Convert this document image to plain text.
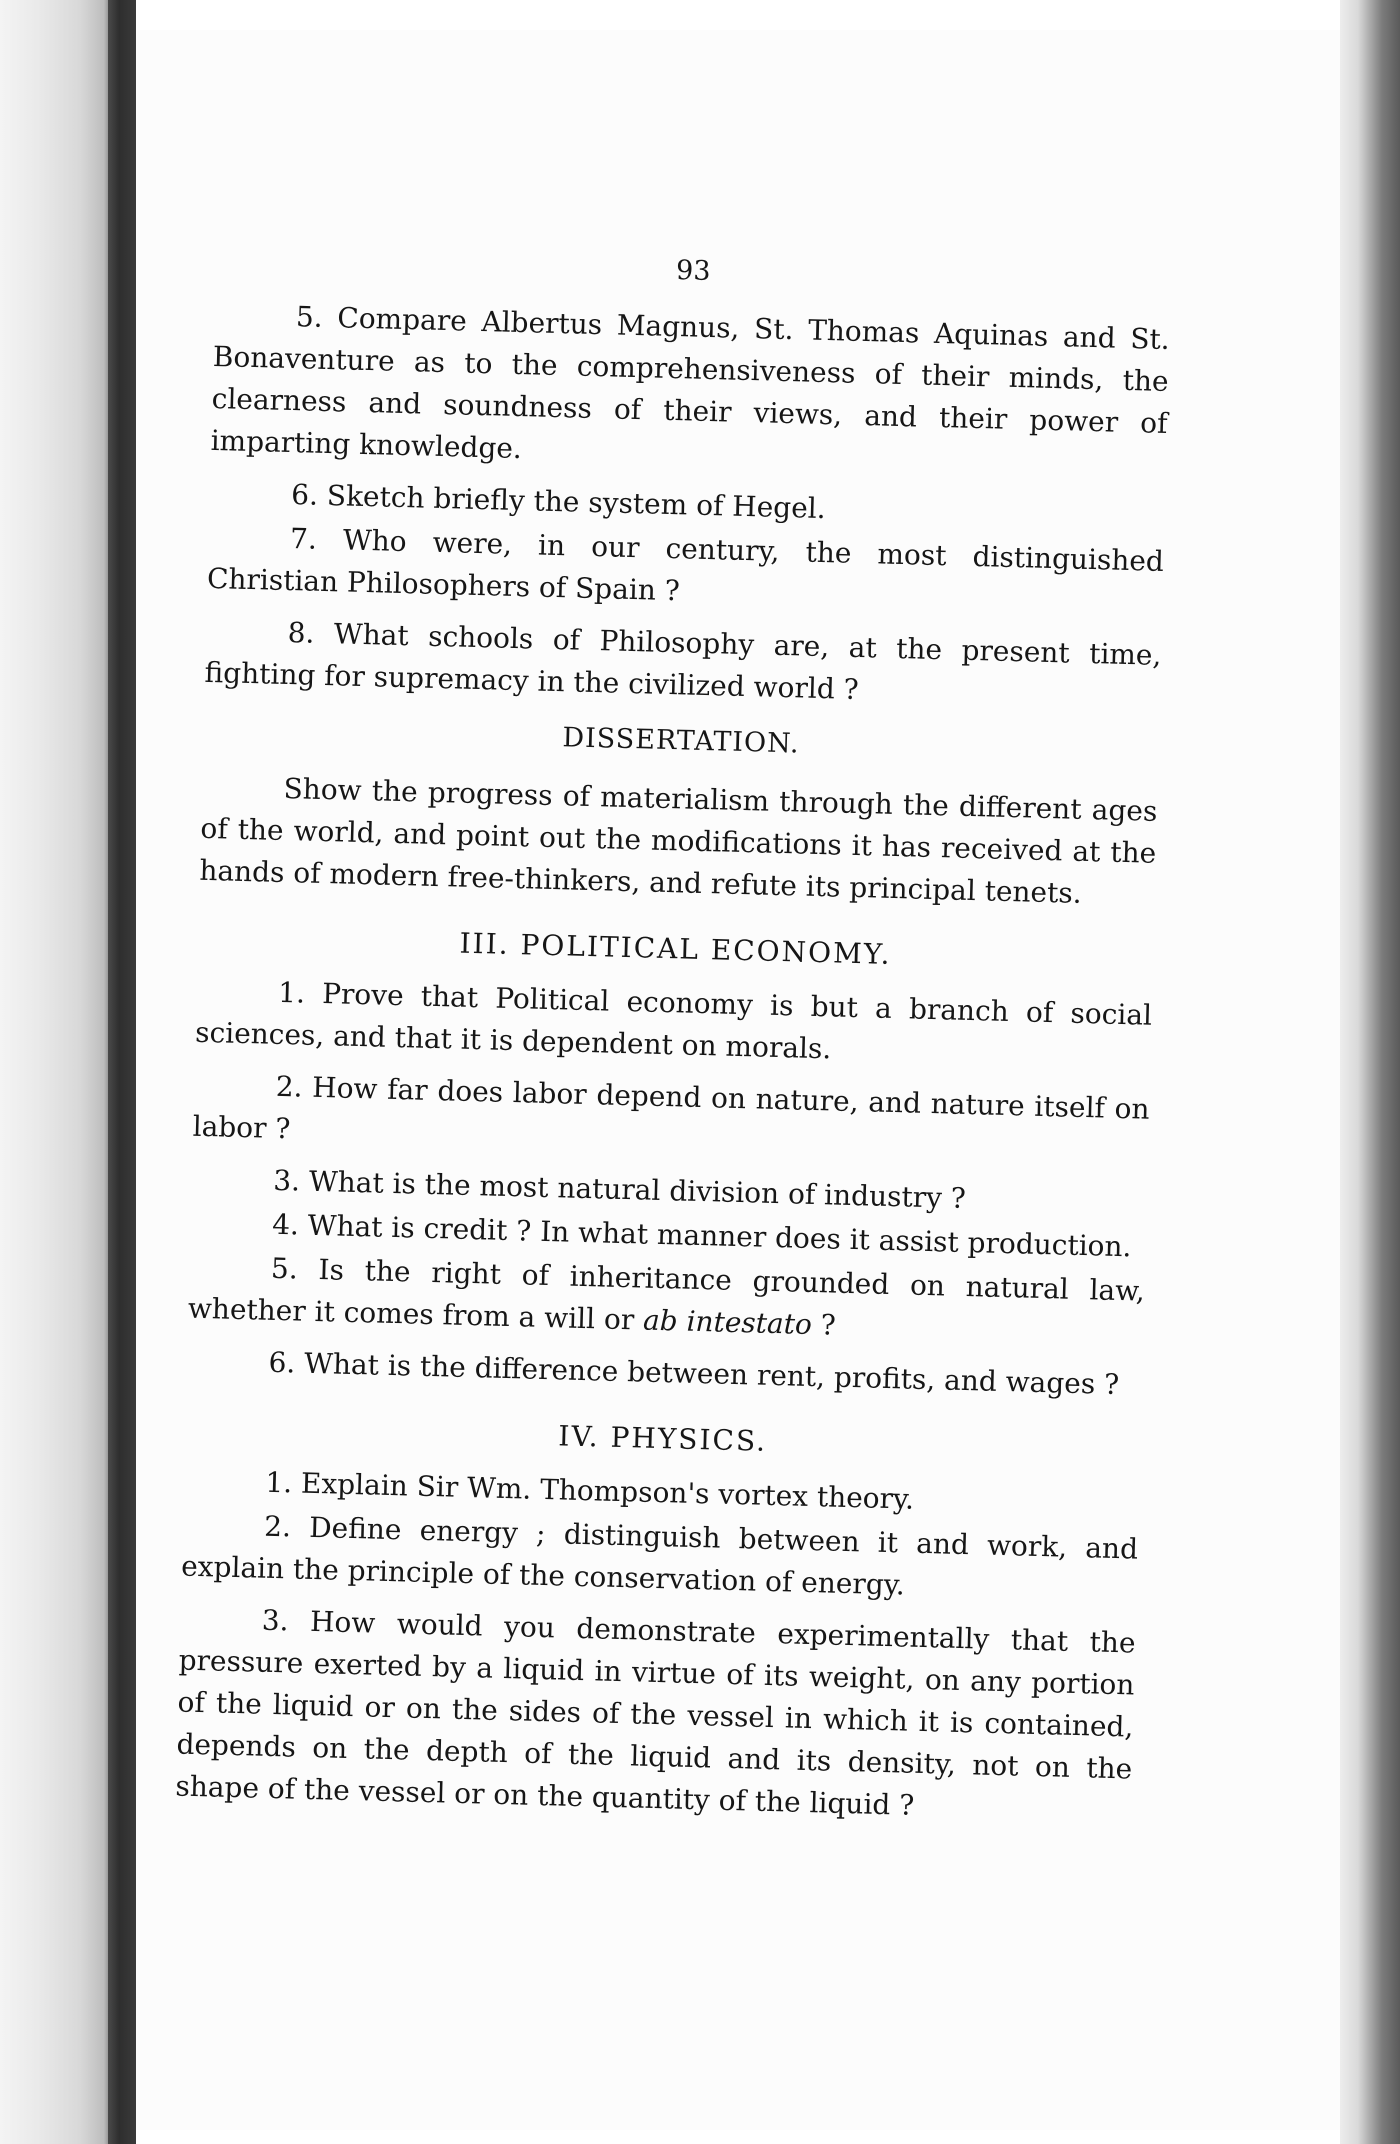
93

5. Compare Albertus Magnus, St. Thomas Aquinas and St. Bonaventure as to the comprehensiveness of their minds, the clearness and soundness of their views, and their power of imparting knowledge.

6. Sketch briefly the system of Hegel.

7. Who were, in our century, the most distinguished Christian Philosophers of Spain ?

8. What schools of Philosophy are, at the present time, fighting for supremacy in the civilized world ?

DISSERTATION.

Show the progress of materialism through the different ages of the world, and point out the modifications it has received at the hands of modern free-thinkers, and refute its principal tenets.

III. POLITICAL ECONOMY.

1. Prove that Political economy is but a branch of social sciences, and that it is dependent on morals.

2. How far does labor depend on nature, and nature itself on labor ?

3. What is the most natural division of industry ?

4. What is credit ? In what manner does it assist production.

5. Is the right of inheritance grounded on natural law, whether it comes from a will or ab intestato ?

6. What is the difference between rent, profits, and wages ?

IV. PHYSICS.

1. Explain Sir Wm. Thompson's vortex theory.

2. Define energy ; distinguish between it and work, and explain the principle of the conservation of energy.

3. How would you demonstrate experimentally that the pressure exerted by a liquid in virtue of its weight, on any portion of the liquid or on the sides of the vessel in which it is contained, depends on the depth of the liquid and its density, not on the shape of the vessel or on the quantity of the liquid ?
